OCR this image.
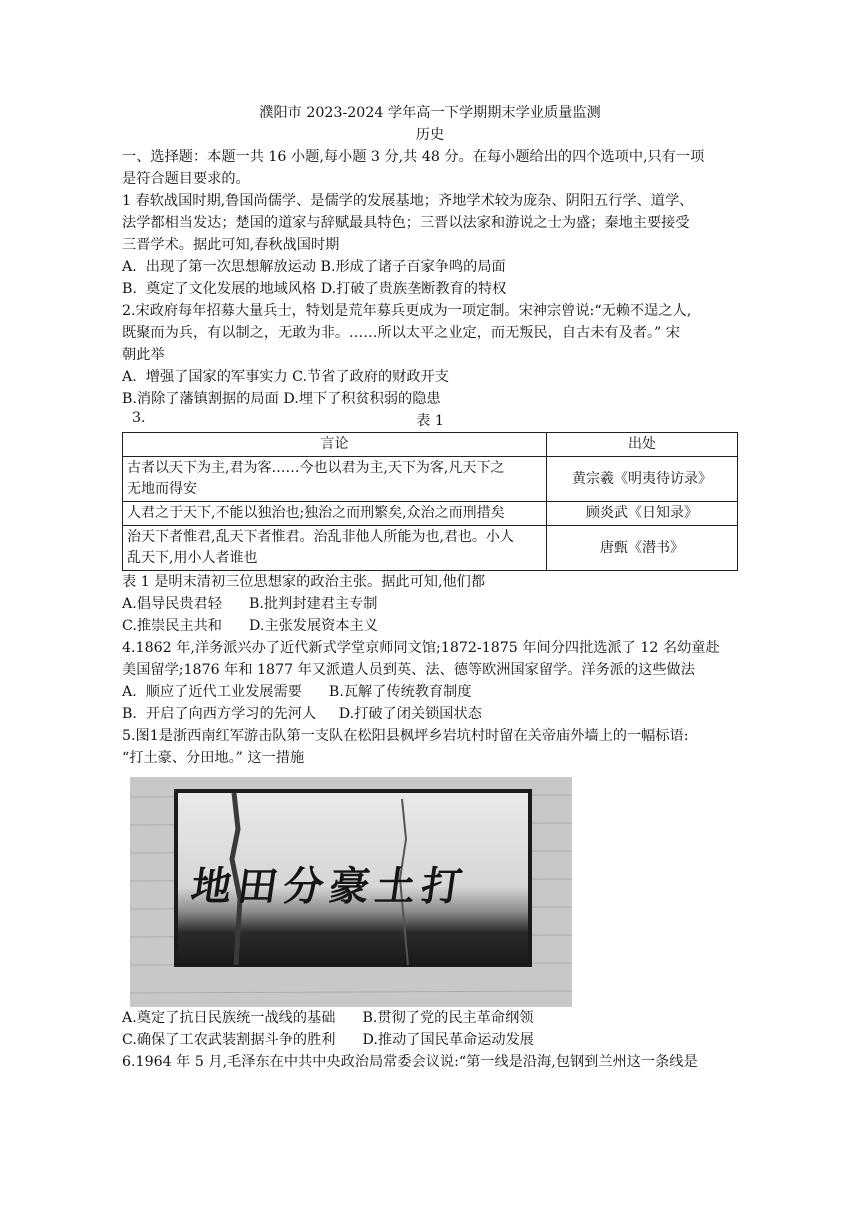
濮阳市 2023-2024 学年高一下学期期末学业质量监测
历史
一、选择题：本题一共 16 小题,每小题 3 分,共 48 分。在每小题给出的四个选项中,只有一项
是符合题目要求的。
1 春软战国时期,鲁国尚儒学、是儒学的发展基地；齐地学术较为庞杂、阴阳五行学、道学、
法学都相当发达；楚国的道家与辞赋最具特色；三晋以法家和游说之士为盛；秦地主要接受
三晋学术。据此可知,春秋战国时期
A.  出现了第一次思想解放运动 B.形成了诸子百家争鸣的局面
B.  奠定了文化发展的地域风格 D.打破了贵族垄断教育的特权
2.宋政府每年招募大量兵士，特划是荒年募兵更成为一项定制。宋神宗曾说:“无赖不逞之人,
既聚而为兵，有以制之，无敢为非。……所以太平之业定，而无叛民，自古未有及者。” 宋
朝此举
A.  增强了国家的军事实力 C.节省了政府的财政开支
B.消除了藩镇割据的局面 D.埋下了积贫积弱的隐患
3.	表 1
言论	出处
古者以天下为主,君为客……今也以君为主,天下为客,凡天下之
无地而得安	黄宗羲《明夷待访录》
人君之于天下,不能以独治也;独治之而刑繁矣,众治之而刑措矣	顾炎武《日知录》
治天下者惟君,乱天下者惟君。治乱非他人所能为也,君也。小人
乱天下,用小人者谁也	唐甄《潜书》
表 1 是明末清初三位思想家的政治主张。据此可知,他们都
A.倡导民贵君轻      B.批判封建君主专制
C.推崇民主共和      D.主张发展资本主义
4.1862 年,洋务派兴办了近代新式学堂京师同文馆;1872-1875 年间分四批选派了 12 名幼童赴
美国留学;1876 年和 1877 年又派遣人员到英、法、德等欧洲国家留学。洋务派的这些做法
A.  顺应了近代工业发展需要      B.瓦解了传统教育制度
B.  开启了向西方学习的先河人     D.打破了闭关锁国状态
5.图1是浙西南红军游击队第一支队在松阳县枫坪乡岩坑村时留在关帝庙外墙上的一幅标语:
“打土豪、分田地。” 这一措施
地田分豪土打
A.奠定了抗日民族统一战线的基础      B.贯彻了党的民主革命纲领
C.确保了工农武装割据斗争的胜利      D.推动了国民革命运动发展
6.1964 年 5 月,毛泽东在中共中央政治局常委会议说:“第一线是沿海,包钢到兰州这一条线是
